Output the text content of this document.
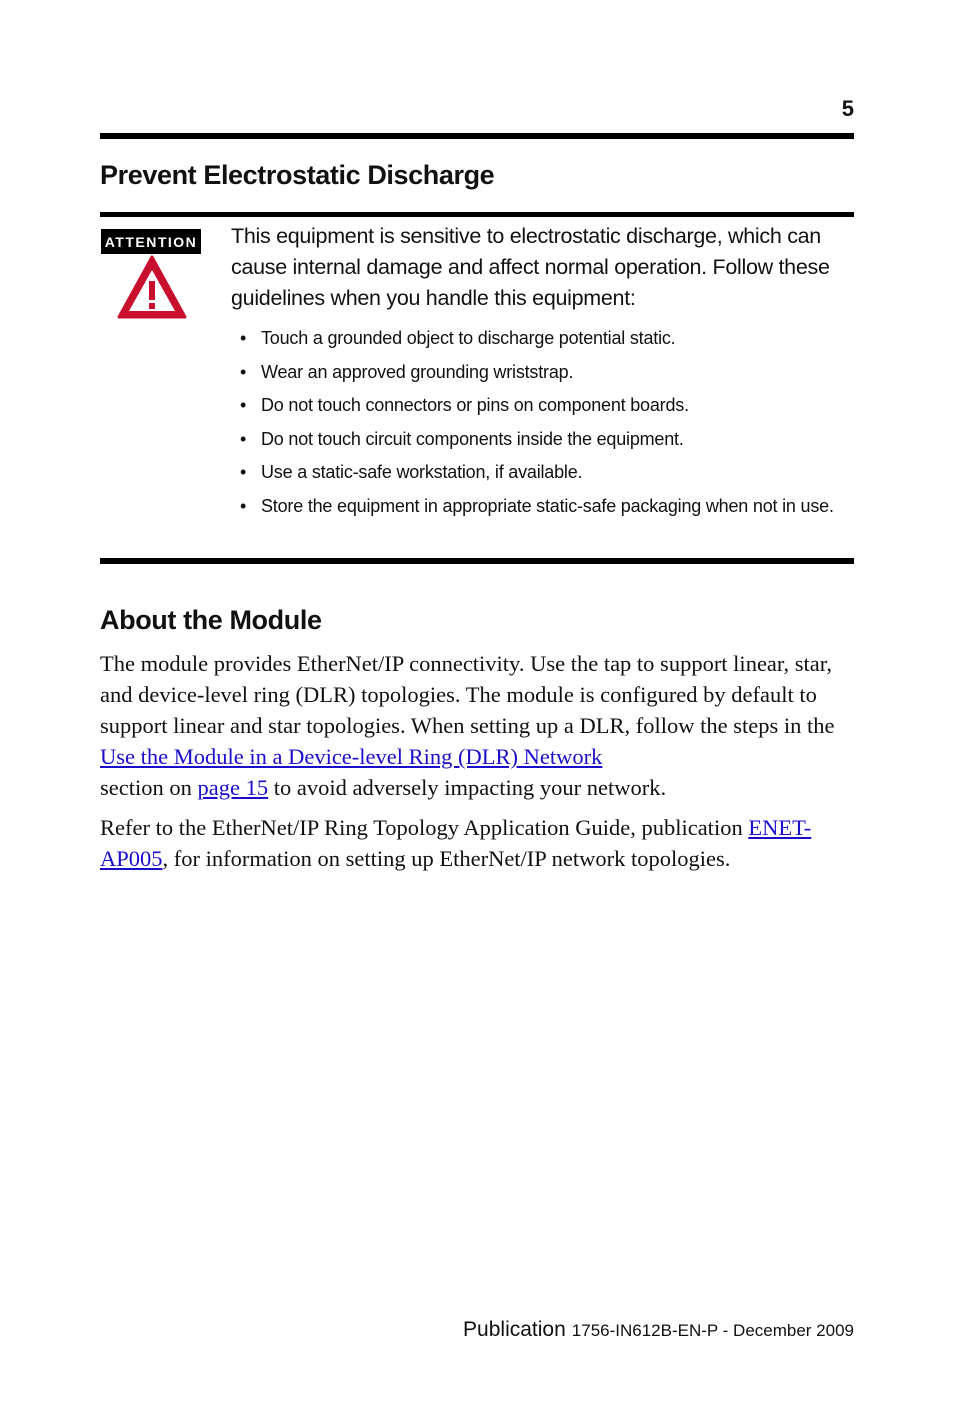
5
Prevent Electrostatic Discharge
ATTENTION This equipment is sensitive to electrostatic discharge, which can cause internal damage and affect normal operation. Follow these guidelines when you handle this equipment:

• Touch a grounded object to discharge potential static.
• Wear an approved grounding wriststrap.
• Do not touch connectors or pins on component boards.
• Do not touch circuit components inside the equipment.
• Use a static-safe workstation, if available.
• Store the equipment in appropriate static-safe packaging when not in use.
About the Module

The module provides EtherNet/IP connectivity. Use the tap to support linear, star, and device-level ring (DLR) topologies. The module is configured by default to support linear and star topologies. When setting up a DLR, follow the steps in the Use the Module in a Device-level Ring (DLR) Network
section on page 15 to avoid adversely impacting your network.

Refer to the EtherNet/IP Ring Topology Application Guide, publication ENET-AP005, for information on setting up EtherNet/IP network topologies.

Publication 1756-IN612B-EN-P - December 2009
